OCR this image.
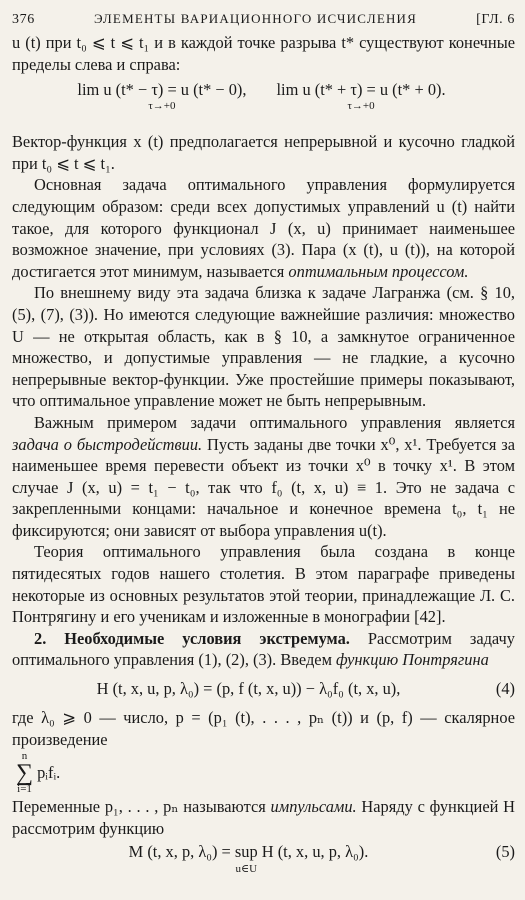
376	ЭЛЕМЕНТЫ ВАРИАЦИОННОГО ИСЧИСЛЕНИЯ	[ГЛ. 6

u (t) при t₀ ⩽ t ⩽ t₁ и в каждой точке разрыва t* существуют конечные пределы слева и справа:

lim u (t* − τ) = u (t* − 0),
τ→+0
lim u (t* + τ) = u (t* + 0).
τ→+0

Вектор-функция x (t) предполагается непрерывной и кусочно гладкой при t₀ ⩽ t ⩽ t₁.

Основная задача оптимального управления формулируется следующим образом: среди всех допустимых управлений u (t) найти такое, для которого функционал J (x, u) принимает наименьшее возможное значение, при условиях (3). Пара (x (t), u (t)), на которой достигается этот минимум, называется оптимальным процессом.

По внешнему виду эта задача близка к задаче Лагранжа (см. § 10, (5), (7), (3)). Но имеются следующие важнейшие различия: множество U — не открытая область, как в § 10, а замкнутое ограниченное множество, и допустимые управления — не гладкие, а кусочно непрерывные вектор-функции. Уже простейшие примеры показывают, что оптимальное управление может не быть непрерывным.

Важным примером задачи оптимального управления является задача о быстродействии. Пусть заданы две точки x⁰, x¹. Требуется за наименьшее время перевести объект из точки x⁰ в точку x¹. В этом случае J (x, u) = t₁ − t₀, так что f₀ (t, x, u) ≡ 1. Это не задача с закрепленными концами: начальное и конечное времена t₀, t₁ не фиксируются; они зависят от выбора управления u(t).

Теория оптимального управления была создана в конце пятидесятых годов нашего столетия. В этом параграфе приведены некоторые из основных результатов этой теории, принадлежащие Л. С. Понтрягину и его ученикам и изложенные в монографии [42].

2. Необходимые условия экстремума. Рассмотрим задачу оптимального управления (1), (2), (3). Введем функцию Понтрягина

H (t, x, u, p, λ₀) = (p, f (t, x, u)) − λ₀f₀ (t, x, u),	(4)

где λ₀ ⩾ 0 — число, p = (p₁ (t), . . . , pₙ (t)) и (p, f) — скалярное произведение

n
∑
i=1
pᵢfᵢ.

Переменные p₁, . . . , pₙ называются импульсами. Наряду с функцией H рассмотрим функцию

M (t, x, p, λ₀) = sup
u∈U
H (t, x, u, p, λ₀).	(5)
